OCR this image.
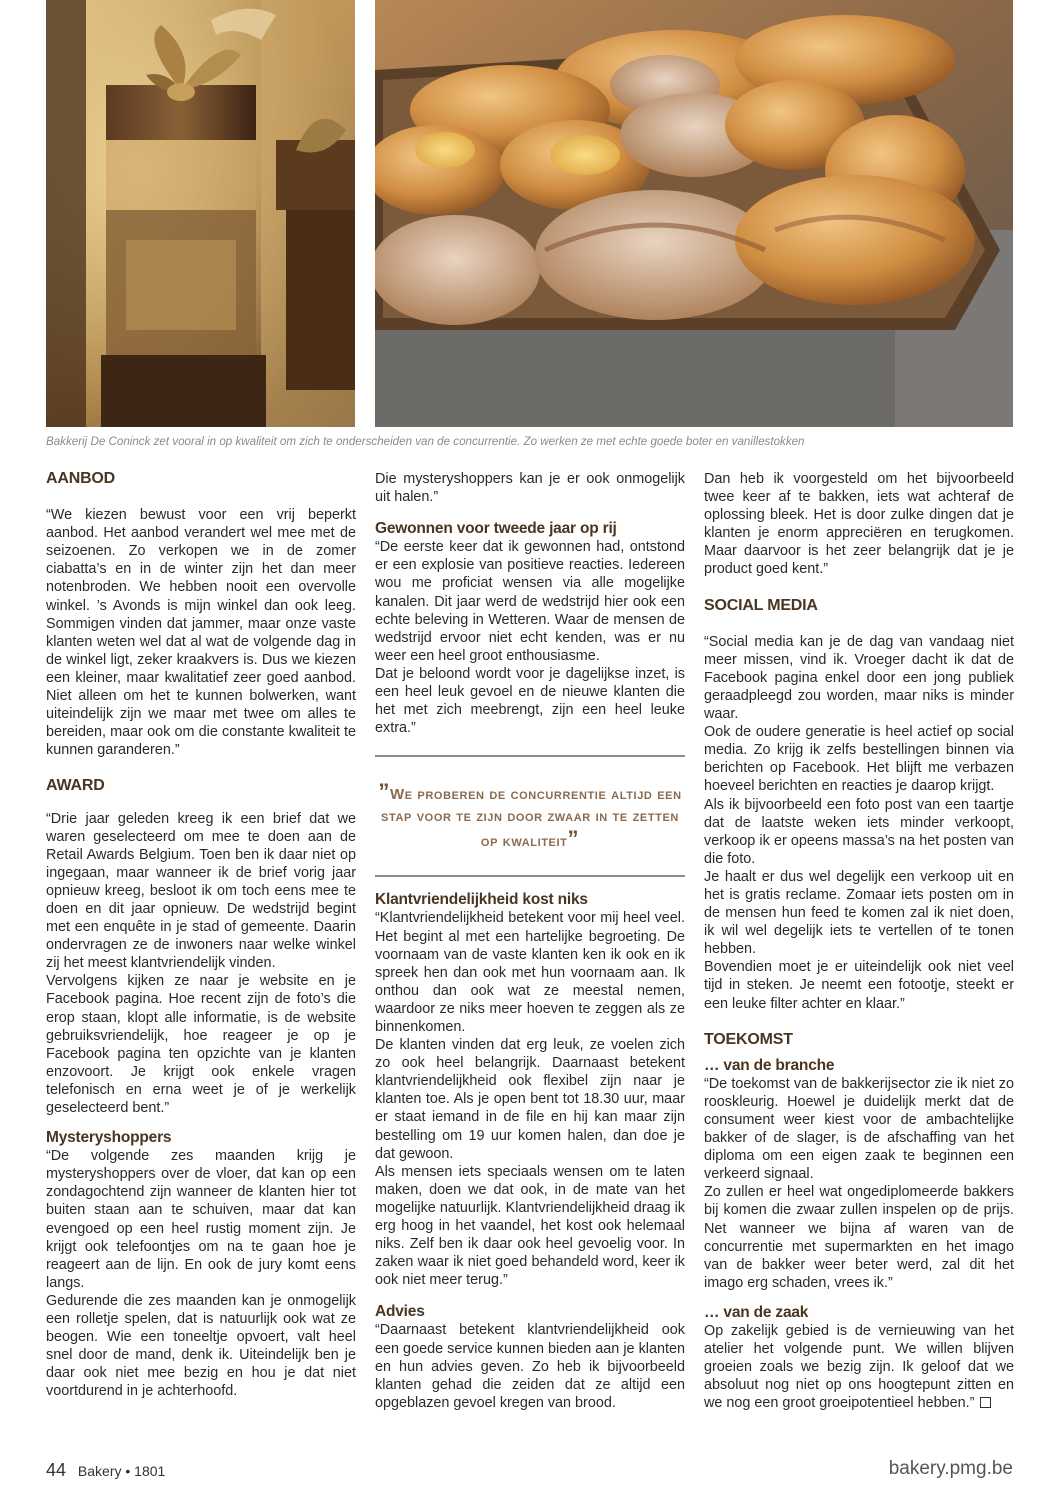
Bakkerij De Coninck zet vooral in op kwaliteit om zich te onderscheiden van de concurrentie. Zo werken ze met echte goede boter en vanillestokken
AANBOD

“We kiezen bewust voor een vrij beperkt aanbod. Het aanbod verandert wel mee met de seizoenen. Zo verkopen we in de zomer ciabatta’s en in de winter zijn het dan meer notenbroden. We hebben nooit een overvolle winkel. ’s Avonds is mijn winkel dan ook leeg. Sommigen vinden dat jammer, maar onze vaste klanten weten wel dat al wat de volgende dag in de winkel ligt, zeker kraakvers is. Dus we kiezen een kleiner, maar kwalitatief zeer goed aanbod. Niet alleen om het te kunnen bolwerken, want uiteindelijk zijn we maar met twee om alles te bereiden, maar ook om die constante kwaliteit te kunnen garanderen.”

AWARD

“Drie jaar geleden kreeg ik een brief dat we waren geselecteerd om mee te doen aan de Retail Awards Belgium. Toen ben ik daar niet op ingegaan, maar wanneer ik de brief vorig jaar opnieuw kreeg, besloot ik om toch eens mee te doen en dit jaar opnieuw. De wedstrijd begint met een enquête in je stad of gemeente. Daarin ondervragen ze de inwoners naar welke winkel zij het meest klantvriendelijk vinden.

Vervolgens kijken ze naar je website en je Facebook pagina. Hoe recent zijn de foto’s die erop staan, klopt alle informatie, is de website gebruiksvriendelijk, hoe reageer je op je Facebook pagina ten opzichte van je klanten enzovoort. Je krijgt ook enkele vragen telefonisch en erna weet je of je werkelijk geselecteerd bent.”

Mysteryshoppers

“De volgende zes maanden krijg je mysteryshoppers over de vloer, dat kan op een zondagochtend zijn wanneer de klanten hier tot buiten staan aan te schuiven, maar dat kan evengoed op een heel rustig moment zijn. Je krijgt ook telefoontjes om na te gaan hoe je reageert aan de lijn. En ook de jury komt eens langs.

Gedurende die zes maanden kan je onmogelijk een rolletje spelen, dat is natuurlijk ook wat ze beogen. Wie een toneeltje opvoert, valt heel snel door de mand, denk ik. Uiteindelijk ben je daar ook niet mee bezig en hou je dat niet voortdurend in je achterhoofd.

Die mysteryshoppers kan je er ook onmogelijk uit halen.”

Gewonnen voor tweede jaar op rij

“De eerste keer dat ik gewonnen had, ontstond er een explosie van positieve reacties. Iedereen wou me proficiat wensen via alle mogelijke kanalen. Dit jaar werd de wedstrijd hier ook een echte beleving in Wetteren. Waar de mensen de wedstrijd ervoor niet echt kenden, was er nu weer een heel groot enthousiasme.

Dat je beloond wordt voor je dagelijkse inzet, is een heel leuk gevoel en de nieuwe klanten die het met zich meebrengt, zijn een heel leuke extra.”

”We proberen de concurrentie altijd een stap voor te zijn door zwaar in te zetten op kwaliteit”
Klantvriendelijkheid kost niks

“Klantvriendelijkheid betekent voor mij heel veel. Het begint al met een hartelijke begroeting. De voornaam van de vaste klanten ken ik ook en ik spreek hen dan ook met hun voornaam aan. Ik onthou dan ook wat ze meestal nemen, waardoor ze niks meer hoeven te zeggen als ze binnenkomen.

De klanten vinden dat erg leuk, ze voelen zich zo ook heel belangrijk. Daarnaast betekent klantvriendelijkheid ook flexibel zijn naar je klanten toe. Als je open bent tot 18.30 uur, maar er staat iemand in de file en hij kan maar zijn bestelling om 19 uur komen halen, dan doe je dat gewoon.

Als mensen iets speciaals wensen om te laten maken, doen we dat ook, in de mate van het mogelijke natuurlijk. Klantvriendelijkheid draag ik erg hoog in het vaandel, het kost ook helemaal niks. Zelf ben ik daar ook heel gevoelig voor. In zaken waar ik niet goed behandeld word, keer ik ook niet meer terug.”

Advies

“Daarnaast betekent klantvriendelijkheid ook een goede service kunnen bieden aan je klanten en hun advies geven. Zo heb ik bijvoorbeeld klanten gehad die zeiden dat ze altijd een opgeblazen gevoel kregen van brood.

Dan heb ik voorgesteld om het bijvoorbeeld twee keer af te bakken, iets wat achteraf de oplossing bleek. Het is door zulke dingen dat je klanten je enorm appreciëren en terugkomen. Maar daarvoor is het zeer belangrijk dat je je product goed kent.”

SOCIAL MEDIA

“Social media kan je de dag van vandaag niet meer missen, vind ik. Vroeger dacht ik dat de Facebook pagina enkel door een jong publiek geraadpleegd zou worden, maar niks is minder waar.

Ook de oudere generatie is heel actief op social media. Zo krijg ik zelfs bestellingen binnen via berichten op Facebook. Het blijft me verbazen hoeveel berichten en reacties je daarop krijgt.

Als ik bijvoorbeeld een foto post van een taartje dat de laatste weken iets minder verkoopt, verkoop ik er opeens massa’s na het posten van die foto.

Je haalt er dus wel degelijk een verkoop uit en het is gratis reclame. Zomaar iets posten om in de mensen hun feed te komen zal ik niet doen, ik wil wel degelijk iets te vertellen of te tonen hebben.

Bovendien moet je er uiteindelijk ook niet veel tijd in steken. Je neemt een fotootje, steekt er een leuke filter achter en klaar.”

TOEKOMST
… van de branche

“De toekomst van de bakkerijsector zie ik niet zo rooskleurig. Hoewel je duidelijk merkt dat de consument weer kiest voor de ambachtelijke bakker of de slager, is de afschaffing van het diploma om een eigen zaak te beginnen een verkeerd signaal.

Zo zullen er heel wat ongediplomeerde bakkers bij komen die zwaar zullen inspelen op de prijs. Net wanneer we bijna af waren van de concurrentie met supermarkten en het imago van de bakker weer beter werd, zal dit het imago erg schaden, vrees ik.”

… van de zaak

Op zakelijk gebied is de vernieuwing van het atelier het volgende punt. We willen blijven groeien zoals we bezig zijn. Ik geloof dat we absoluut nog niet op ons hoogtepunt zitten en we nog een groot groeipotentieel hebben.”

44 Bakery • 1801	bakery.pmg.be
